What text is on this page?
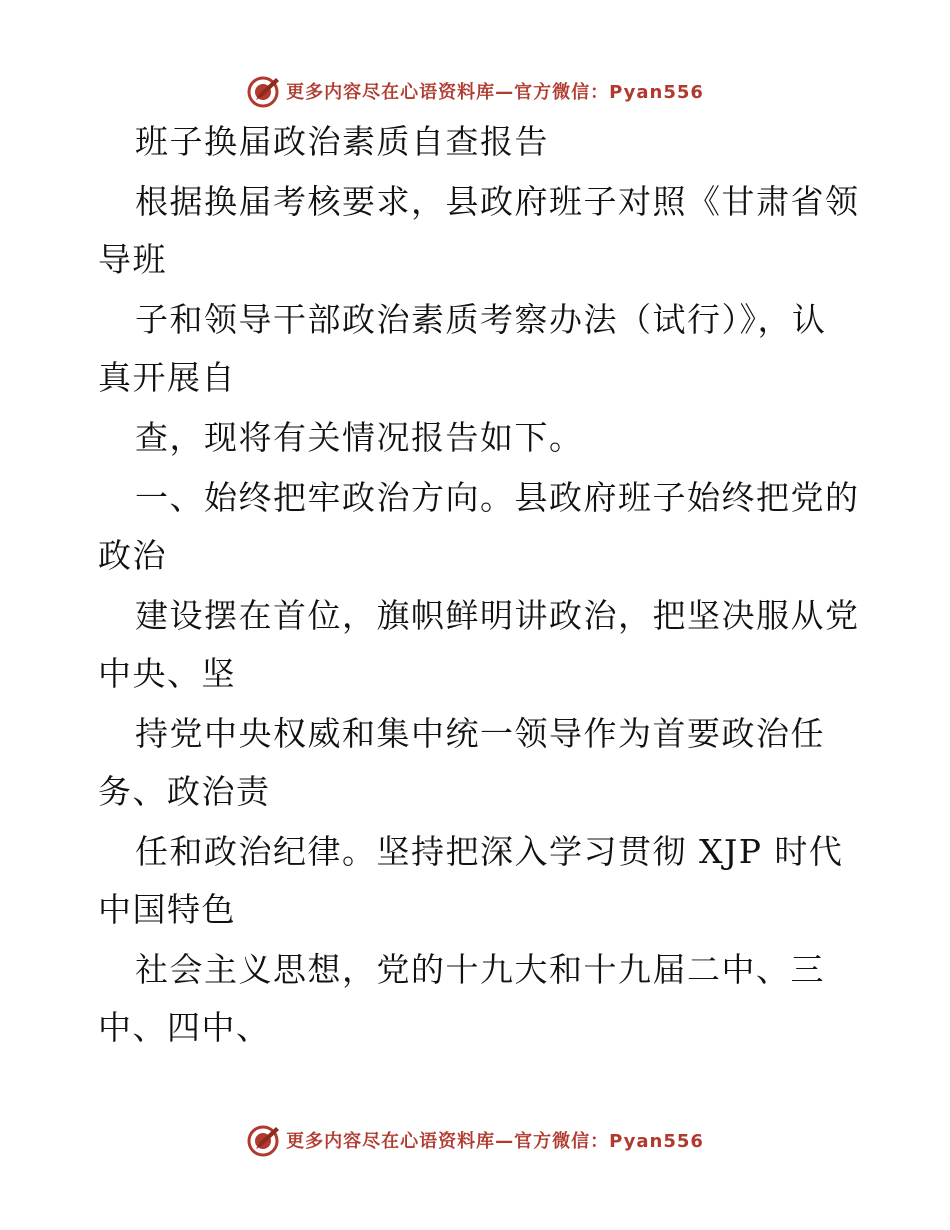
更多内容尽在心语资料库—官方微信：Pyan556
班子换届政治素质自查报告
根据换届考核要求，县政府班子对照《甘肃省领
导班
子和领导干部政治素质考察办法（试行）》，认
真开展自
查，现将有关情况报告如下。
一、始终把牢政治方向。县政府班子始终把党的
政治
建设摆在首位，旗帜鲜明讲政治，把坚决服从党
中央、坚
持党中央权威和集中统一领导作为首要政治任
务、政治责
任和政治纪律。坚持把深入学习贯彻 XJP 时代
中国特色
社会主义思想，党的十九大和十九届二中、三
中、四中、
更多内容尽在心语资料库—官方微信：Pyan556
